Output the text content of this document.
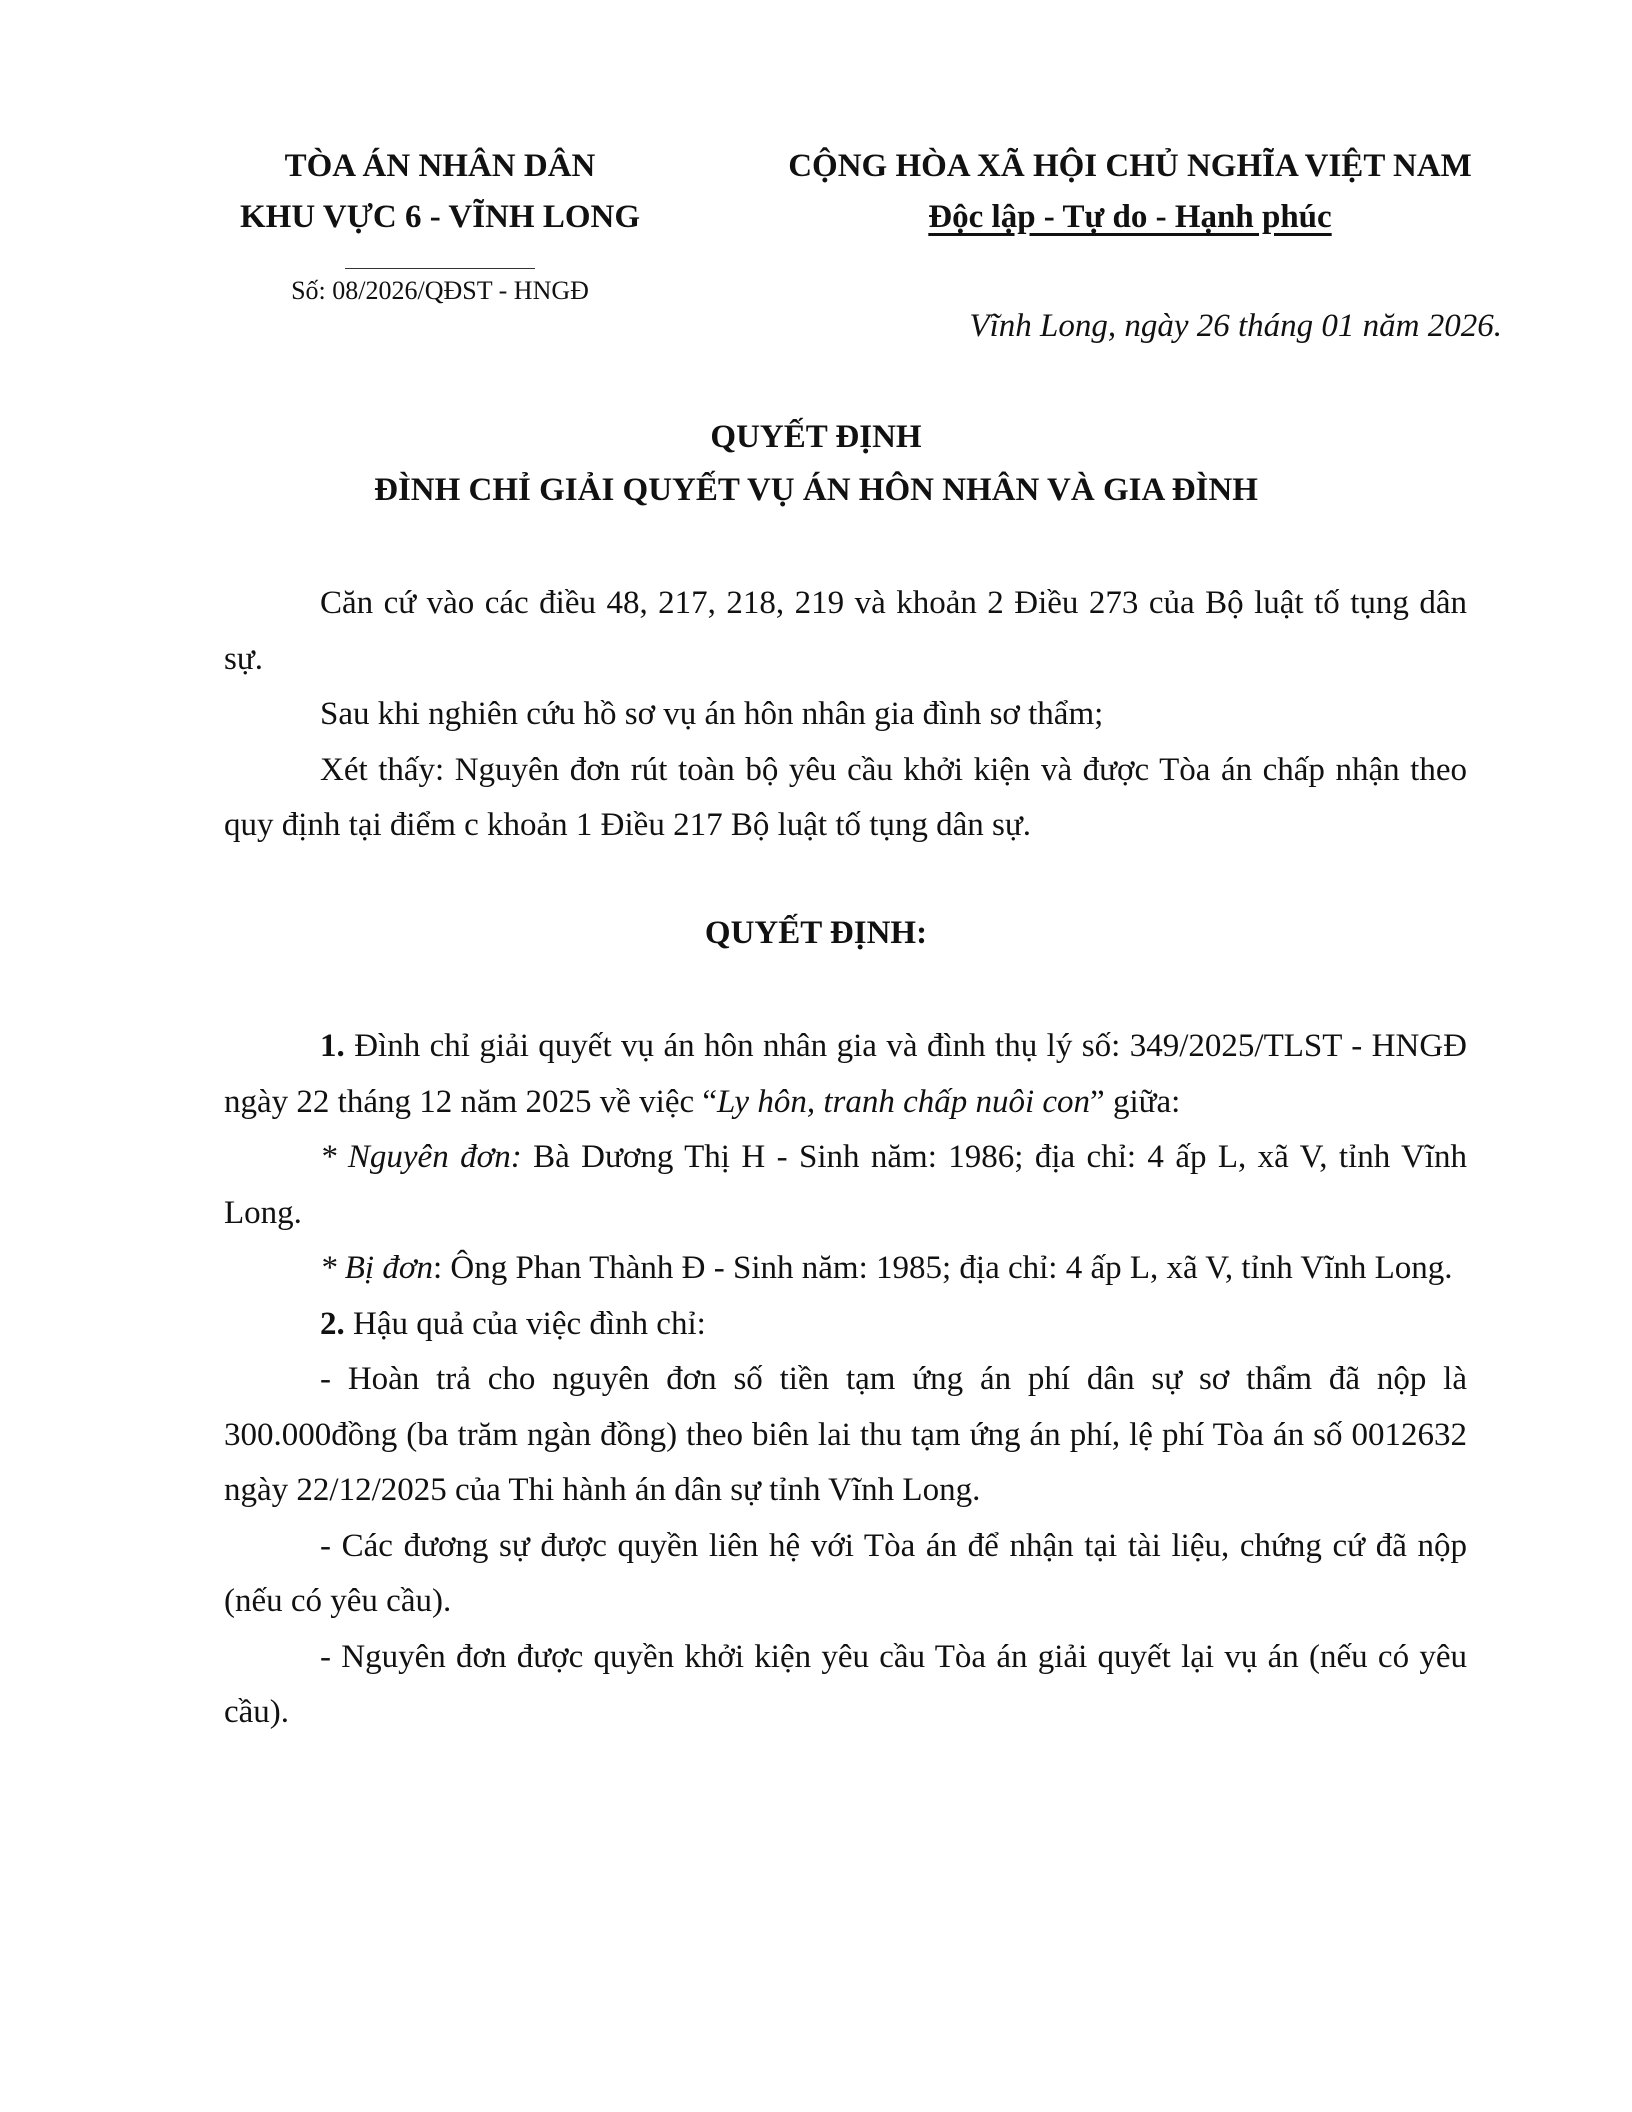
TÒA ÁN NHÂN DÂN
KHU VỰC 6 - VĨNH LONG
Số: 08/2026/QĐST - HNGĐ
CỘNG HÒA XÃ HỘI CHỦ NGHĨA VIỆT NAM
Độc lập - Tự do - Hạnh phúc
Vĩnh Long, ngày 26 tháng 01 năm 2026.
QUYẾT ĐỊNH
ĐÌNH CHỈ GIẢI QUYẾT VỤ ÁN HÔN NHÂN VÀ GIA ĐÌNH

Căn cứ vào các điều 48, 217, 218, 219 và khoản 2 Điều 273 của Bộ luật tố tụng dân sự.

Sau khi nghiên cứu hồ sơ vụ án hôn nhân gia đình sơ thẩm;

Xét thấy: Nguyên đơn rút toàn bộ yêu cầu khởi kiện và được Tòa án chấp nhận theo quy định tại điểm c khoản 1 Điều 217 Bộ luật tố tụng dân sự.

QUYẾT ĐỊNH:

1. Đình chỉ giải quyết vụ án hôn nhân gia và đình thụ lý số: 349/2025/TLST - HNGĐ ngày 22 tháng 12 năm 2025 về việc “Ly hôn, tranh chấp nuôi con” giữa:

* Nguyên đơn: Bà Dương Thị H - Sinh năm: 1986; địa chỉ: 4 ấp L, xã V, tỉnh Vĩnh Long.

* Bị đơn: Ông Phan Thành Đ - Sinh năm: 1985; địa chỉ: 4 ấp L, xã V, tỉnh Vĩnh Long.

2. Hậu quả của việc đình chỉ:

- Hoàn trả cho nguyên đơn số tiền tạm ứng án phí dân sự sơ thẩm đã nộp là 300.000đồng (ba trăm ngàn đồng) theo biên lai thu tạm ứng án phí, lệ phí Tòa án số 0012632 ngày 22/12/2025 của Thi hành án dân sự tỉnh Vĩnh Long.

- Các đương sự được quyền liên hệ với Tòa án để nhận tại tài liệu, chứng cứ đã nộp (nếu có yêu cầu).

- Nguyên đơn được quyền khởi kiện yêu cầu Tòa án giải quyết lại vụ án (nếu có yêu cầu).
